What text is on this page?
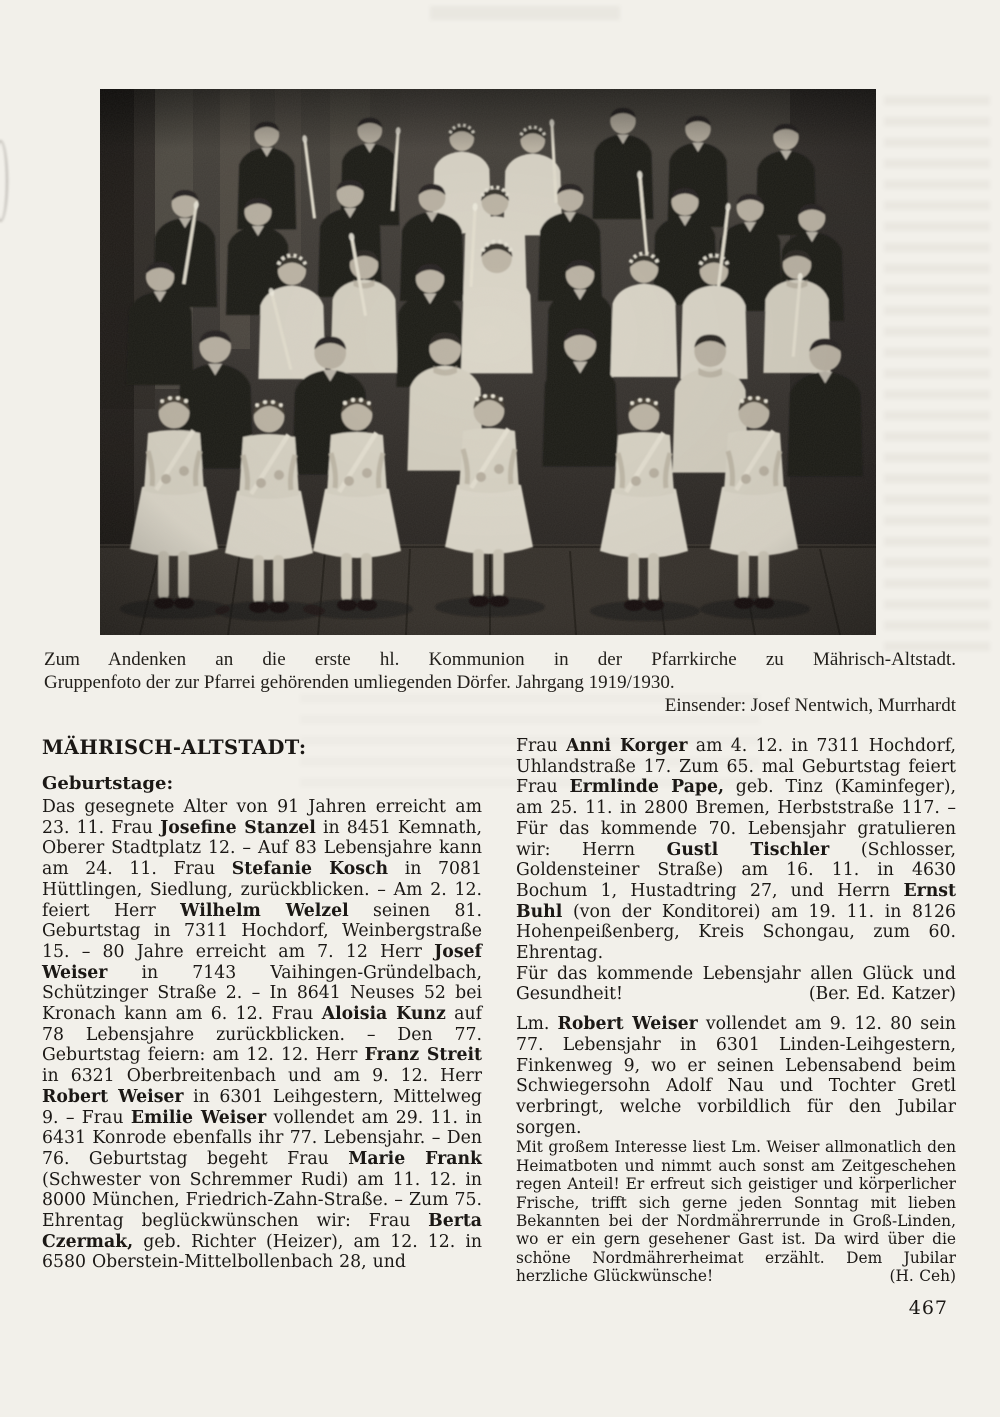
Zum Andenken an die erste hl. Kommunion in der Pfarrkirche zu Mährisch-Altstadt.
Gruppenfoto der zur Pfarrei gehörenden umliegenden Dörfer. Jahrgang 1919/1930.
Einsender: Josef Nentwich, Murrhardt
MÄHRISCH-ALTSTADT:
Geburtstage:

Das gesegnete Alter von 91 Jahren erreicht am 23. 11. Frau Josefine Stanzel in 8451 Kemnath, Oberer Stadtplatz 12. – Auf 83 Lebensjahre kann am 24. 11. Frau Stefanie Kosch in 7081 Hüttlingen, Siedlung, zurückblicken. – Am 2. 12. feiert Herr Wilhelm Welzel seinen 81. Geburtstag in 7311 Hochdorf, Weinbergstraße 15. – 80 Jahre erreicht am 7. 12 Herr Josef Weiser in 7143 Vaihingen-Gründelbach, Schützinger Straße 2. – In 8641 Neuses 52 bei Kronach kann am 6. 12. Frau Aloisia Kunz auf 78 Lebensjahre zurückblicken. – Den 77. Geburtstag feiern: am 12. 12. Herr Franz Streit in 6321 Oberbreitenbach und am 9. 12. Herr Robert Weiser in 6301 Leihgestern, Mittelweg 9. – Frau Emilie Weiser vollendet am 29. 11. in 6431 Konrode ebenfalls ihr 77. Lebensjahr. – Den 76. Geburtstag begeht Frau Marie Frank (Schwester von Schremmer Rudi) am 11. 12. in 8000 München, Friedrich-Zahn-Straße. – Zum 75. Ehrentag beglückwünschen wir: Frau Berta Czermak, geb. Richter (Heizer), am 12. 12. in 6580 Oberstein-Mittelbollenbach 28, und

Frau Anni Korger am 4. 12. in 7311 Hochdorf, Uhlandstraße 17. Zum 65. mal Geburtstag feiert Frau Ermlinde Pape, geb. Tinz (Kaminfeger), am 25. 11. in 2800 Bremen, Herbststraße 117. – Für das kommende 70. Lebensjahr gratulieren wir: Herrn Gustl Tischler (Schlosser, Goldensteiner Straße) am 16. 11. in 4630 Bochum 1, Hustadtring 27, und Herrn Ernst Buhl (von der Konditorei) am 19. 11. in 8126 Hohenpeißenberg, Kreis Schongau, zum 60. Ehrentag.

Für das kommende Lebensjahr allen Glück und Gesundheit!	(Ber. Ed. Katzer)

Lm. Robert Weiser vollendet am 9. 12. 80 sein 77. Lebensjahr in 6301 Linden-Leihgestern, Finkenweg 9, wo er seinen Lebensabend beim Schwiegersohn Adolf Nau und Tochter Gretl verbringt, welche vorbildlich für den Jubilar sorgen.

Mit großem Interesse liest Lm. Weiser allmonatlich den Heimatboten und nimmt auch sonst am Zeitgeschehen regen Anteil! Er erfreut sich geistiger und körperlicher Frische, trifft sich gerne jeden Sonntag mit lieben Bekannten bei der Nordmährerrunde in Groß-Linden, wo er ein gern gesehener Gast ist. Da wird über die schöne Nordmährerheimat erzählt. Dem Jubilar herzliche Glückwünsche!	(H. Ceh)

467
